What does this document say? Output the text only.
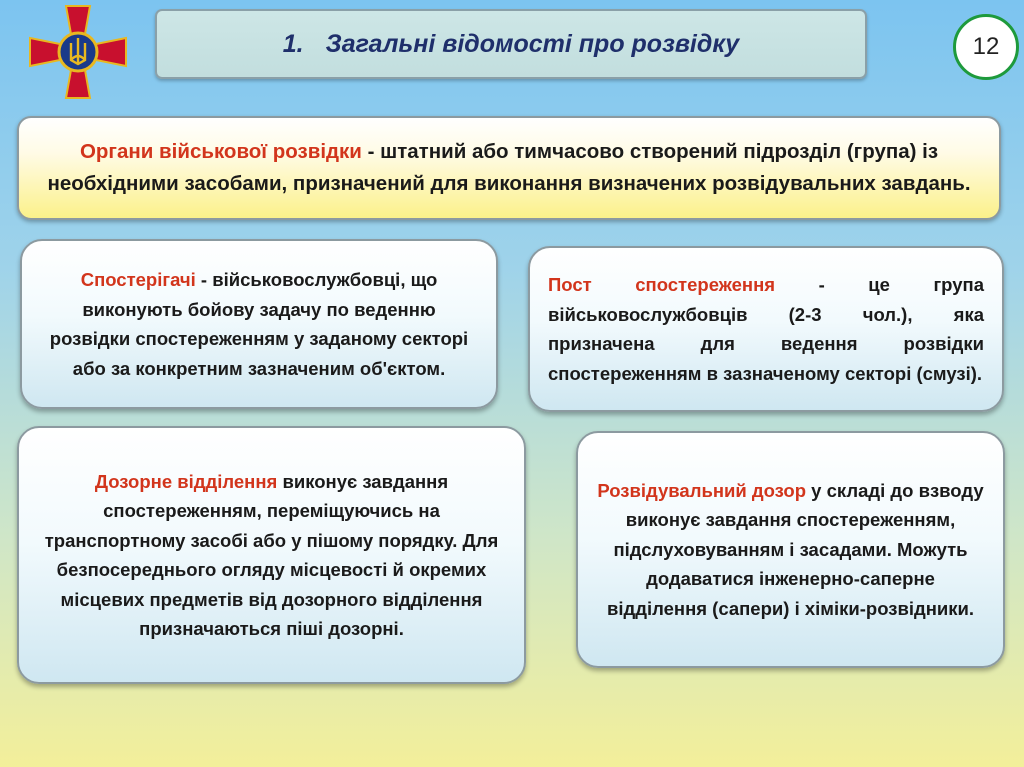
1. Загальні відомості про розвідку	12
Органи військової розвідки - штатний або тимчасово створений підрозділ (група) із необхідними засобами, призначений для виконання визначених розвідувальних завдань.
Спостерігачі - військовослужбовці, що виконують бойову задачу по веденню розвідки спостереженням у заданому секторі або за конкретним зазначеним об'єктом.
Пост спостереження - це група військовослужбовців (2-3 чол.), яка призначена для ведення розвідки спостереженням в зазначеному секторі (смузі).
Дозорне відділення виконує завдання спостереженням, переміщуючись на транспортному засобі або у пішому порядку. Для безпосереднього огляду місцевості й окремих місцевих предметів від дозорного відділення призначаються піші дозорні.
Розвідувальний дозор у складі до взводу виконує завдання спостереженням, підслуховуванням і засадами. Можуть додаватися інженерно-саперне відділення (сапери) і хіміки-розвідники.
